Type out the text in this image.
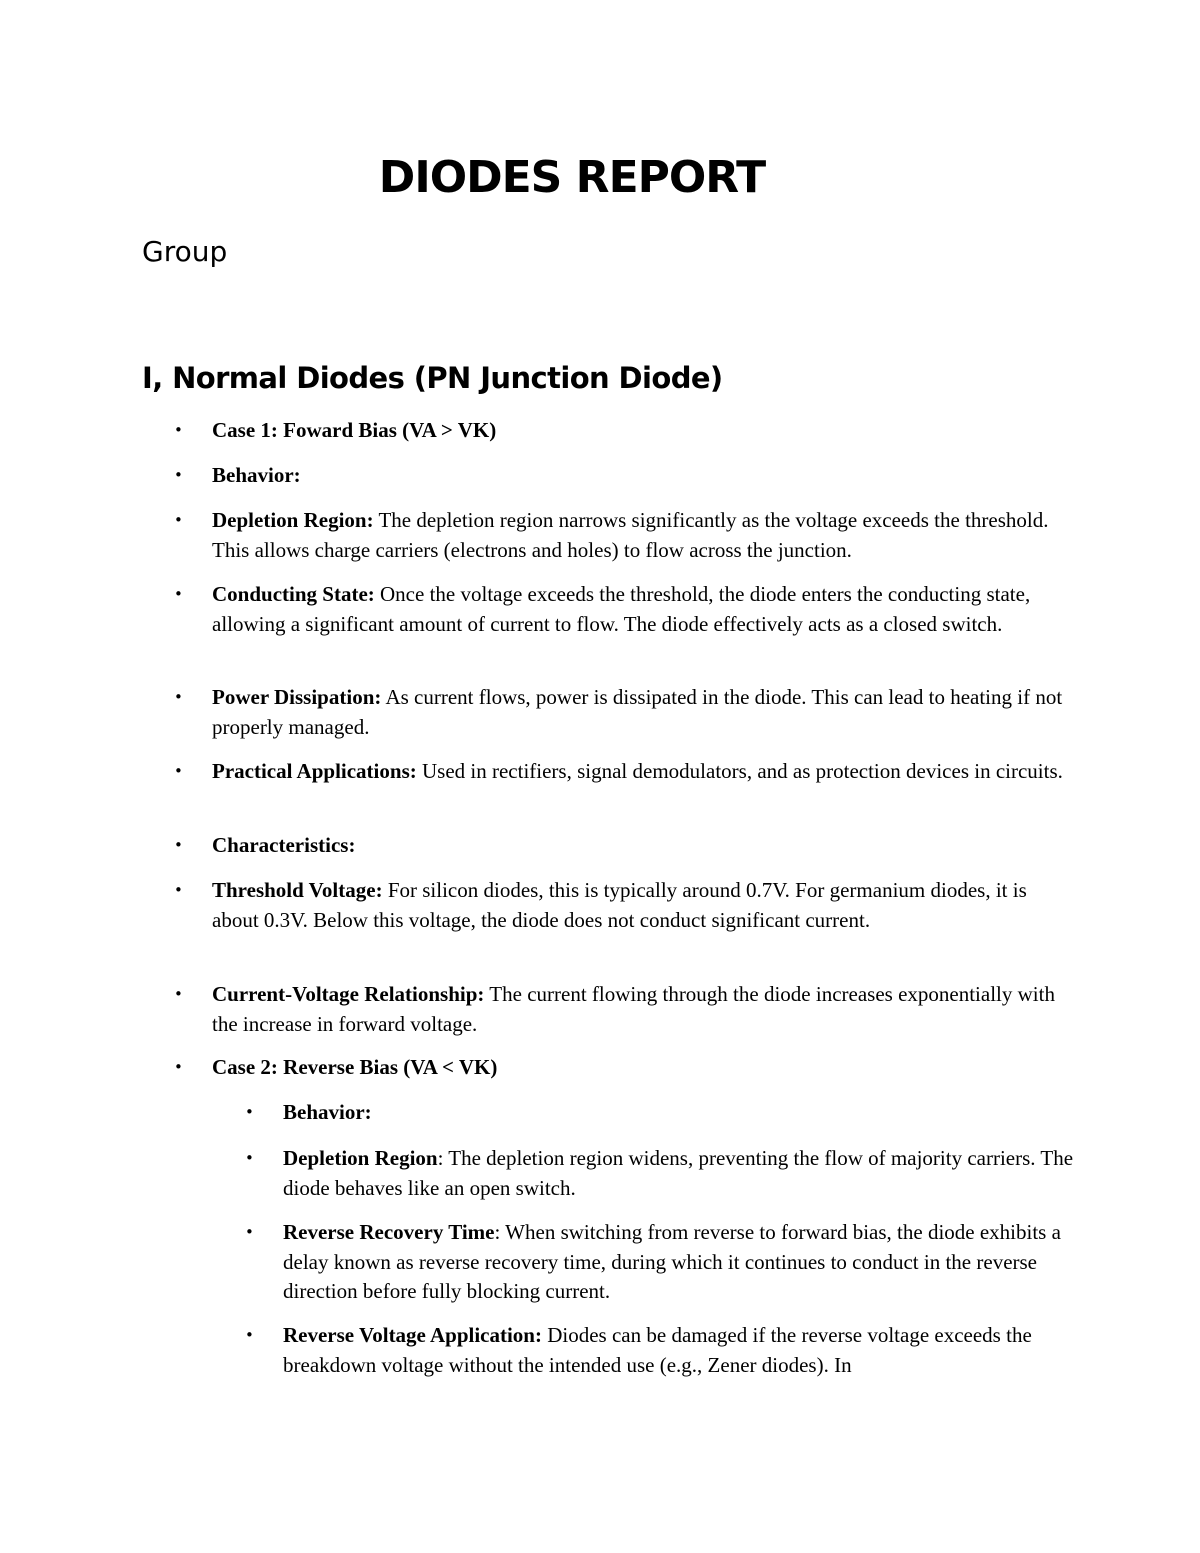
DIODES REPORT

Group

I, Normal Diodes (PN Junction Diode)
• Case 1: Foward Bias (VA > VK)
• Behavior:
• Depletion Region: The depletion region narrows significantly as the voltage exceeds the threshold. This allows charge carriers (electrons and holes) to flow across the junction.
• Conducting State: Once the voltage exceeds the threshold, the diode enters the conducting state, allowing a significant amount of current to flow. The diode effectively acts as a closed switch.
• Power Dissipation: As current flows, power is dissipated in the diode. This can lead to heating if not properly managed.
• Practical Applications: Used in rectifiers, signal demodulators, and as protection devices in circuits.
• Characteristics:
• Threshold Voltage: For silicon diodes, this is typically around 0.7V. For germanium diodes, it is about 0.3V. Below this voltage, the diode does not conduct significant current.
• Current-Voltage Relationship: The current flowing through the diode increases exponentially with the increase in forward voltage.
• Case 2: Reverse Bias (VA < VK)
• Behavior:
• Depletion Region: The depletion region widens, preventing the flow of majority carriers. The diode behaves like an open switch.
• Reverse Recovery Time: When switching from reverse to forward bias, the diode exhibits a delay known as reverse recovery time, during which it continues to conduct in the reverse direction before fully blocking current.
• Reverse Voltage Application: Diodes can be damaged if the reverse voltage exceeds the breakdown voltage without the intended use (e.g., Zener diodes). In
